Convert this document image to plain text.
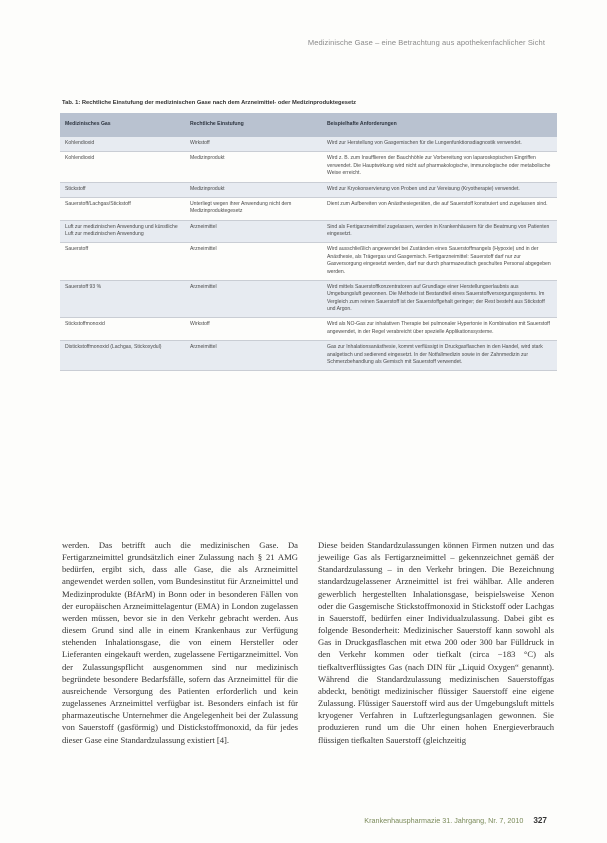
Medizinische Gase – eine Betrachtung aus apothekenfachlicher Sicht
Tab. 1: Rechtliche Einstufung der medizinischen Gase nach dem Arzneimittel- oder Medizinproduktegesetz
Medizinisches Gas	Rechtliche Einstufung	Beispielhafte Anforderungen
Kohlendioxid	Wirkstoff	Wird zur Herstellung von Gasgemischen für die Lungenfunktionsdiagnostik verwendet.
Kohlendioxid	Medizinprodukt	Wird z. B. zum Insufflieren der Bauchhöhle zur Vorbereitung von laparoskopischen Eingriffen verwendet. Die Hauptwirkung wird nicht auf pharmakologische, immunologische oder metabolische Weise erreicht.
Stickstoff	Medizinprodukt	Wird zur Kryokonservierung von Proben und zur Vereisung (Kryotherapie) verwendet.
Sauerstoff/Lachgas/Stickstoff	Unterliegt wegen ihrer Anwendung nicht dem Medizinproduktegesetz	Dient zum Aufbereiten von Anästhesiegeräten, die auf Sauerstoff konstruiert und zugelassen sind.
Luft zur medizinischen Anwendung und künstliche Luft zur medizinischen Anwendung	Arzneimittel	Sind als Fertigarzneimittel zugelassen, werden in Krankenhäusern für die Beatmung von Patienten eingesetzt.
Sauerstoff	Arzneimittel	Wird ausschließlich angewendet bei Zuständen eines Sauerstoffmangels (Hypoxie) und in der Anästhesie, als Trägergas und Gasgemisch. Fertigarzneimittel: Sauerstoff darf nur zur Gasversorgung eingesetzt werden, darf nur durch pharmazeutisch geschultes Personal abgegeben werden.
Sauerstoff 93 %	Arzneimittel	Wird mittels Sauerstoffkonzentratoren auf Grundlage einer Herstellungserlaubnis aus Umgebungsluft gewonnen. Die Methode ist Bestandteil eines Sauerstoffversorgungssystems. Im Vergleich zum reinen Sauerstoff ist der Sauerstoffgehalt geringer; der Rest besteht aus Stickstoff und Argon.
Stickstoffmonoxid	Wirkstoff	Wird als NO-Gas zur inhalativen Therapie bei pulmonaler Hypertonie in Kombination mit Sauerstoff angewendet, in der Regel verabreicht über spezielle Applikationssysteme.
Distickstoffmonoxid (Lachgas, Stickoxydul)	Arzneimittel	Gas zur Inhalationsanästhesie, kommt verflüssigt in Druckgasflaschen in den Handel, wird stark analgetisch und sedierend eingesetzt. In der Notfallmedizin sowie in der Zahnmedizin zur Schmerzbehandlung als Gemisch mit Sauerstoff verwendet.
werden. Das betrifft auch die medizinischen Gase. Da Fertigarzneimittel grundsätzlich einer Zulassung nach § 21 AMG bedürfen, ergibt sich, dass alle Gase, die als Arzneimittel angewendet werden sollen, vom Bundesinstitut für Arzneimittel und Medizinprodukte (BfArM) in Bonn oder in besonderen Fällen von der europäischen Arzneimittelagentur (EMA) in London zugelassen werden müssen, bevor sie in den Verkehr gebracht werden. Aus diesem Grund sind alle in einem Krankenhaus zur Verfügung stehenden Inhalationsgase, die von einem Hersteller oder Lieferanten eingekauft werden, zugelassene Fertigarzneimittel. Von der Zulassungspflicht ausgenommen sind nur medizinisch begründete besondere Bedarfsfälle, sofern das Arzneimittel für die ausreichende Versorgung des Patienten erforderlich und kein zugelassenes Arzneimittel verfügbar ist. Besonders einfach ist für pharmazeutische Unternehmer die Angelegenheit bei der Zulassung von Sauerstoff (gasförmig) und Distickstoffmonoxid, da für jedes dieser Gase eine Standardzulassung existiert [4].
Diese beiden Standardzulassungen können Firmen nutzen und das jeweilige Gas als Fertigarzneimittel – gekennzeichnet gemäß der Standardzulassung – in den Verkehr bringen. Die Bezeichnung standardzugelassener Arzneimittel ist frei wählbar. Alle anderen gewerblich hergestellten Inhalationsgase, beispielsweise Xenon oder die Gasgemische Stickstoffmonoxid in Stickstoff oder Lachgas in Sauerstoff, bedürfen einer Individualzulassung. Dabei gibt es folgende Besonderheit: Medizinischer Sauerstoff kann sowohl als Gas in Druckgasflaschen mit etwa 200 oder 300 bar Fülldruck in den Verkehr kommen oder tiefkalt (circa −183 °C) als tiefkaltverflüssigtes Gas (nach DIN für „Liquid Oxygen“ genannt). Während die Standardzulassung medizinischen Sauerstoffgas abdeckt, benötigt medizinischer flüssiger Sauerstoff eine eigene Zulassung. Flüssiger Sauerstoff wird aus der Umgebungsluft mittels kryogener Verfahren in Luftzerlegungsanlagen gewonnen. Sie produzieren rund um die Uhr einen hohen Energieverbrauch flüssigen tiefkalten Sauerstoff (gleichzeitig
Krankenhauspharmazie 31. Jahrgang, Nr. 7, 2010 327
